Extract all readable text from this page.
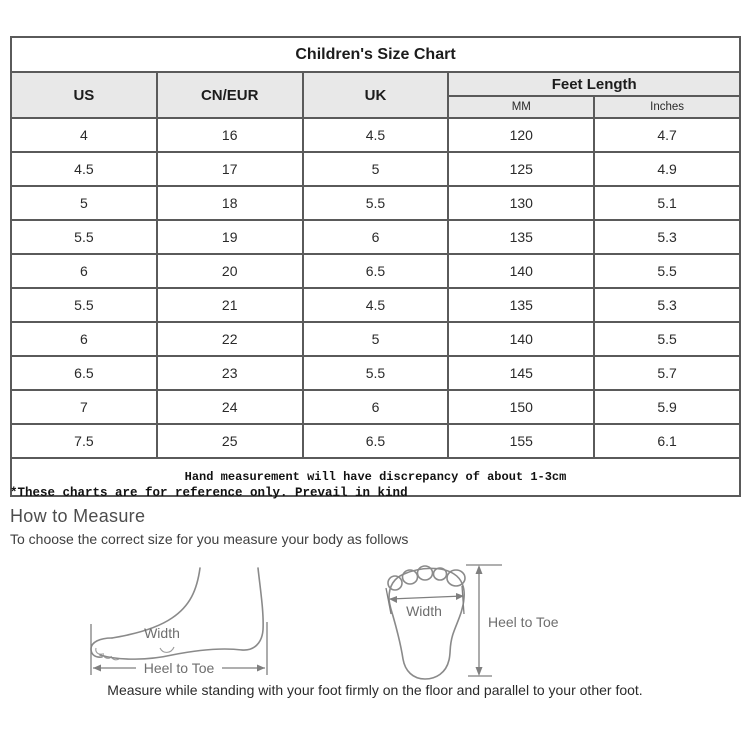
Children's Size Chart				
US	CN/EUR	UK	Feet Length	
			MM	Inches
4	16	4.5	120	4.7
4.5	17	5	125	4.9
5	18	5.5	130	5.1
5.5	19	6	135	5.3
6	20	6.5	140	5.5
5.5	21	4.5	135	5.3
6	22	5	140	5.5
6.5	23	5.5	145	5.7
7	24	6	150	5.9
7.5	25	6.5	155	6.1
Hand measurement will have discrepancy of about 1-3cm				
*These charts are for reference only. Prevail in kind
How to Measure
To choose the correct size for you measure your body as follows
Width
Heel to Toe
Width
Heel to Toe
Measure while standing with your foot firmly on the floor and parallel to your other foot.
